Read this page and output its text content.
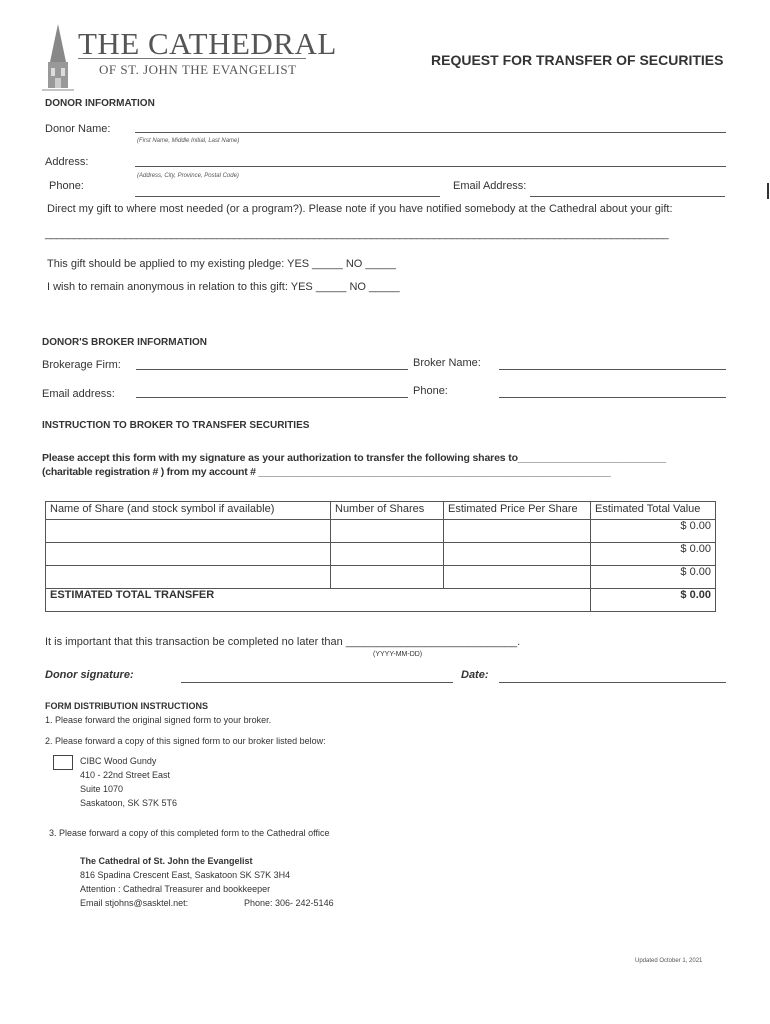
THE CATHEDRAL
OF ST. JOHN THE EVANGELIST
REQUEST FOR TRANSFER OF SECURITIES
DONOR INFORMATION
Donor Name:
(First Name, Middle Initial, Last Name)
Address:
(Address, City, Province, Postal Code)
Phone:	Email Address:
Direct my gift to where most needed (or a program?). Please note if you have notified somebody at the Cathedral about your gift:
_____________________________________________________________________________________________________________
This gift should be applied to my existing pledge: YES _____ NO _____
I wish to remain anonymous in relation to this gift: YES _____ NO _____
DONOR'S BROKER INFORMATION
Brokerage Firm:	Broker Name:
Email address:	Phone:
INSTRUCTION TO BROKER TO TRANSFER SECURITIES
Please accept this form with my signature as your authorization to transfer the following shares to__________________________
(charitable registration # ) from my account # _______________________________________________________________
Name of Share (and stock symbol if available)	Number of Shares	Estimated Price Per Share	Estimated Total Value
			$ 0.00
			$ 0.00
			$ 0.00
ESTIMATED TOTAL TRANSFER			$ 0.00
It is important that this transaction be completed no later than ____________________________.
(YYYY-MM-DD)
Donor signature:	Date:
FORM DISTRIBUTION INSTRUCTIONS
1. Please forward the original signed form to your broker.
2. Please forward a copy of this signed form to our broker listed below:
CIBC Wood Gundy
410 - 22nd Street East
Suite 1070
Saskatoon, SK S7K 5T6
3. Please forward a copy of this completed form to the Cathedral office
The Cathedral of St. John the Evangelist
816 Spadina Crescent East, Saskatoon SK S7K 3H4
Attention : Cathedral Treasurer and bookkeeper
Email stjohns@sasktel.net:	Phone: 306- 242-5146
Updated October 1, 2021
